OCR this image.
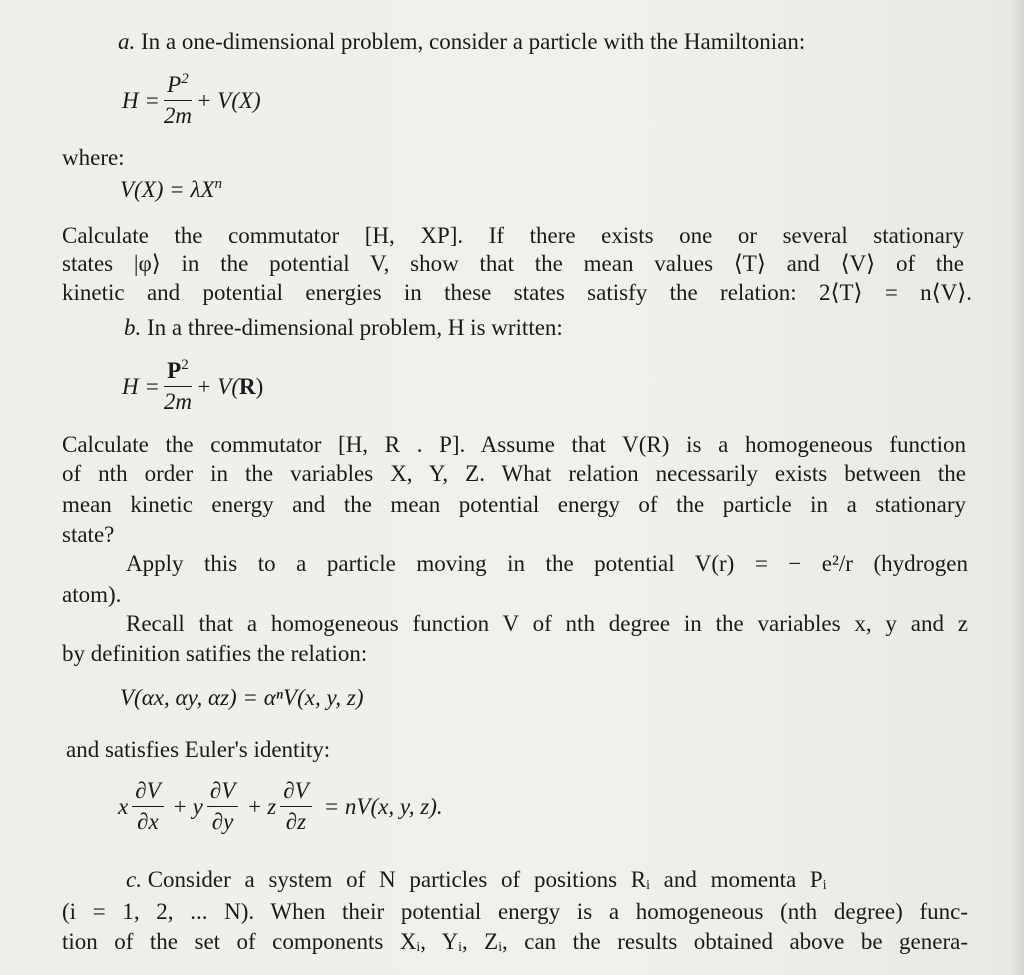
a. In a one-dimensional problem, consider a particle with the Hamiltonian:
$H = \frac{P^2}{2m} + V(X)$
where:
$V(X) = \lambda X^n$
Calculate the commutator [H, XP]. If there exists one or several stationary
states |φ⟩ in the potential V, show that the mean values ⟨T⟩ and ⟨V⟩ of the
kinetic and potential energies in these states satisfy the relation: 2⟨T⟩ = n⟨V⟩.
b. In a three-dimensional problem, H is written:
$H = \frac{P^2}{2m} + V$( R )
Calculate the commutator [H, R . P]. Assume that V(R) is a homogeneous function
of nth order in the variables X, Y, Z. What relation necessarily exists between the
mean kinetic energy and the mean potential energy of the particle in a stationary
state?
Apply this to a particle moving in the potential V(r) = − e²/r (hydrogen
atom).
Recall that a homogeneous function V of nth degree in the variables x, y and z
by definition satifies the relation:
V(αx, αy, αz) = αⁿV(x, y, z)
and satisfies Euler's identity:
x $\frac{\partial V}{\partial x} + y \frac{\partial V}{\partial y} + z \frac{\partial V}{\partial z} = nV(x$, y, z).
c. Consider a system of N particles of positions Rᵢ and momenta Pᵢ
(i = 1, 2, ... N). When their potential energy is a homogeneous (nth degree) func-
tion of the set of components Xᵢ, Yᵢ, Zᵢ, can the results obtained above be genera-
